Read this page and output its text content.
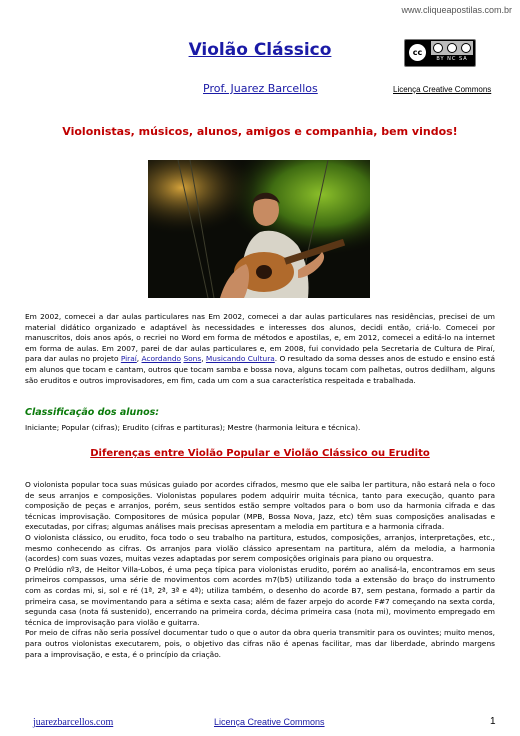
www.cliqueapostilas.com.br
Violão Clássico	cc
BY NC SA
Prof. Juarez Barcellos	Licença Creative Commons
Violonistas, músicos, alunos, amigos e companhia, bem vindos!
Em 2002, comecei a dar aulas particulares nas Em 2002, comecei a dar aulas particulares nas residências, precisei de um material didático organizado e adaptável às necessidades e interesses dos alunos, decidi então, criá-lo. Comecei por manuscritos, dois anos após, o recriei no Word em forma de métodos e apostilas, e, em 2012, comecei a editá-lo na internet em forma de aulas. Em 2007, parei de dar aulas particulares e, em 2008, fui convidado pela Secretaria de Cultura de Piraí, para dar aulas no projeto Piraí, Acordando Sons, Musicando Cultura. O resultado da soma desses anos de estudo e ensino está em alunos que tocam e cantam, outros que tocam samba e bossa nova, alguns tocam com palhetas, outros dedilham, alguns são eruditos e outros improvisadores, em fim, cada um com a sua característica respeitada e trabalhada.
Classificação dos alunos:
Iniciante; Popular (cifras); Erudito (cifras e partituras); Mestre (harmonia leitura e técnica).
Diferenças entre Violão Popular e Violão Clássico ou Erudito
O violonista popular toca suas músicas guiado por acordes cifrados, mesmo que ele saiba ler partitura, não estará nela o foco de seus arranjos e composições. Violonistas populares podem adquirir muita técnica, tanto para execução, quanto para composição de peças e arranjos, porém, seus sentidos estão sempre voltados para o bom uso da harmonia cifrada e das técnicas improvisação. Compositores de música popular (MPB, Bossa Nova, Jazz, etc) têm suas composições analisadas e executadas, por cifras; algumas análises mais precisas apresentam a melodia em partitura e a harmonia cifrada.
O violonista clássico, ou erudito, foca todo o seu trabalho na partitura, estudos, composições, arranjos, interpretações, etc., mesmo conhecendo as cifras. Os arranjos para violão clássico apresentam na partitura, além da melodia, a harmonia (acordes) com suas vozes, muitas vezes adaptadas por serem composições originais para piano ou orquestra.
O Prelúdio nº3, de Heitor Villa-Lobos, é uma peça típica para violonistas erudito, porém ao analisá-la, encontramos em seus primeiros compassos, uma série de movimentos com acordes m7(b5) utilizando toda a extensão do braço do instrumento com as cordas mi, si, sol e ré (1ª, 2ª, 3ª e 4ª); utiliza também, o desenho do acorde B7, sem pestana, formado a partir da primeira casa, se movimentando para a sétima e sexta casa; além de fazer arpejo do acorde F#7 começando na sexta corda, segunda casa (nota fá sustenido), encerrando na primeira corda, décima primeira casa (nota mi), movimento empregado em técnica de improvisação para violão e guitarra.
Por meio de cifras não seria possível documentar tudo o que o autor da obra queria transmitir para os ouvintes; muito menos, para outros violonistas executarem, pois, o objetivo das cifras não é apenas facilitar, mas dar liberdade, abrindo margens para a improvisação, e esta, é o princípio da criação.
juarezbarcellos.com	Licença Creative Commons	1
